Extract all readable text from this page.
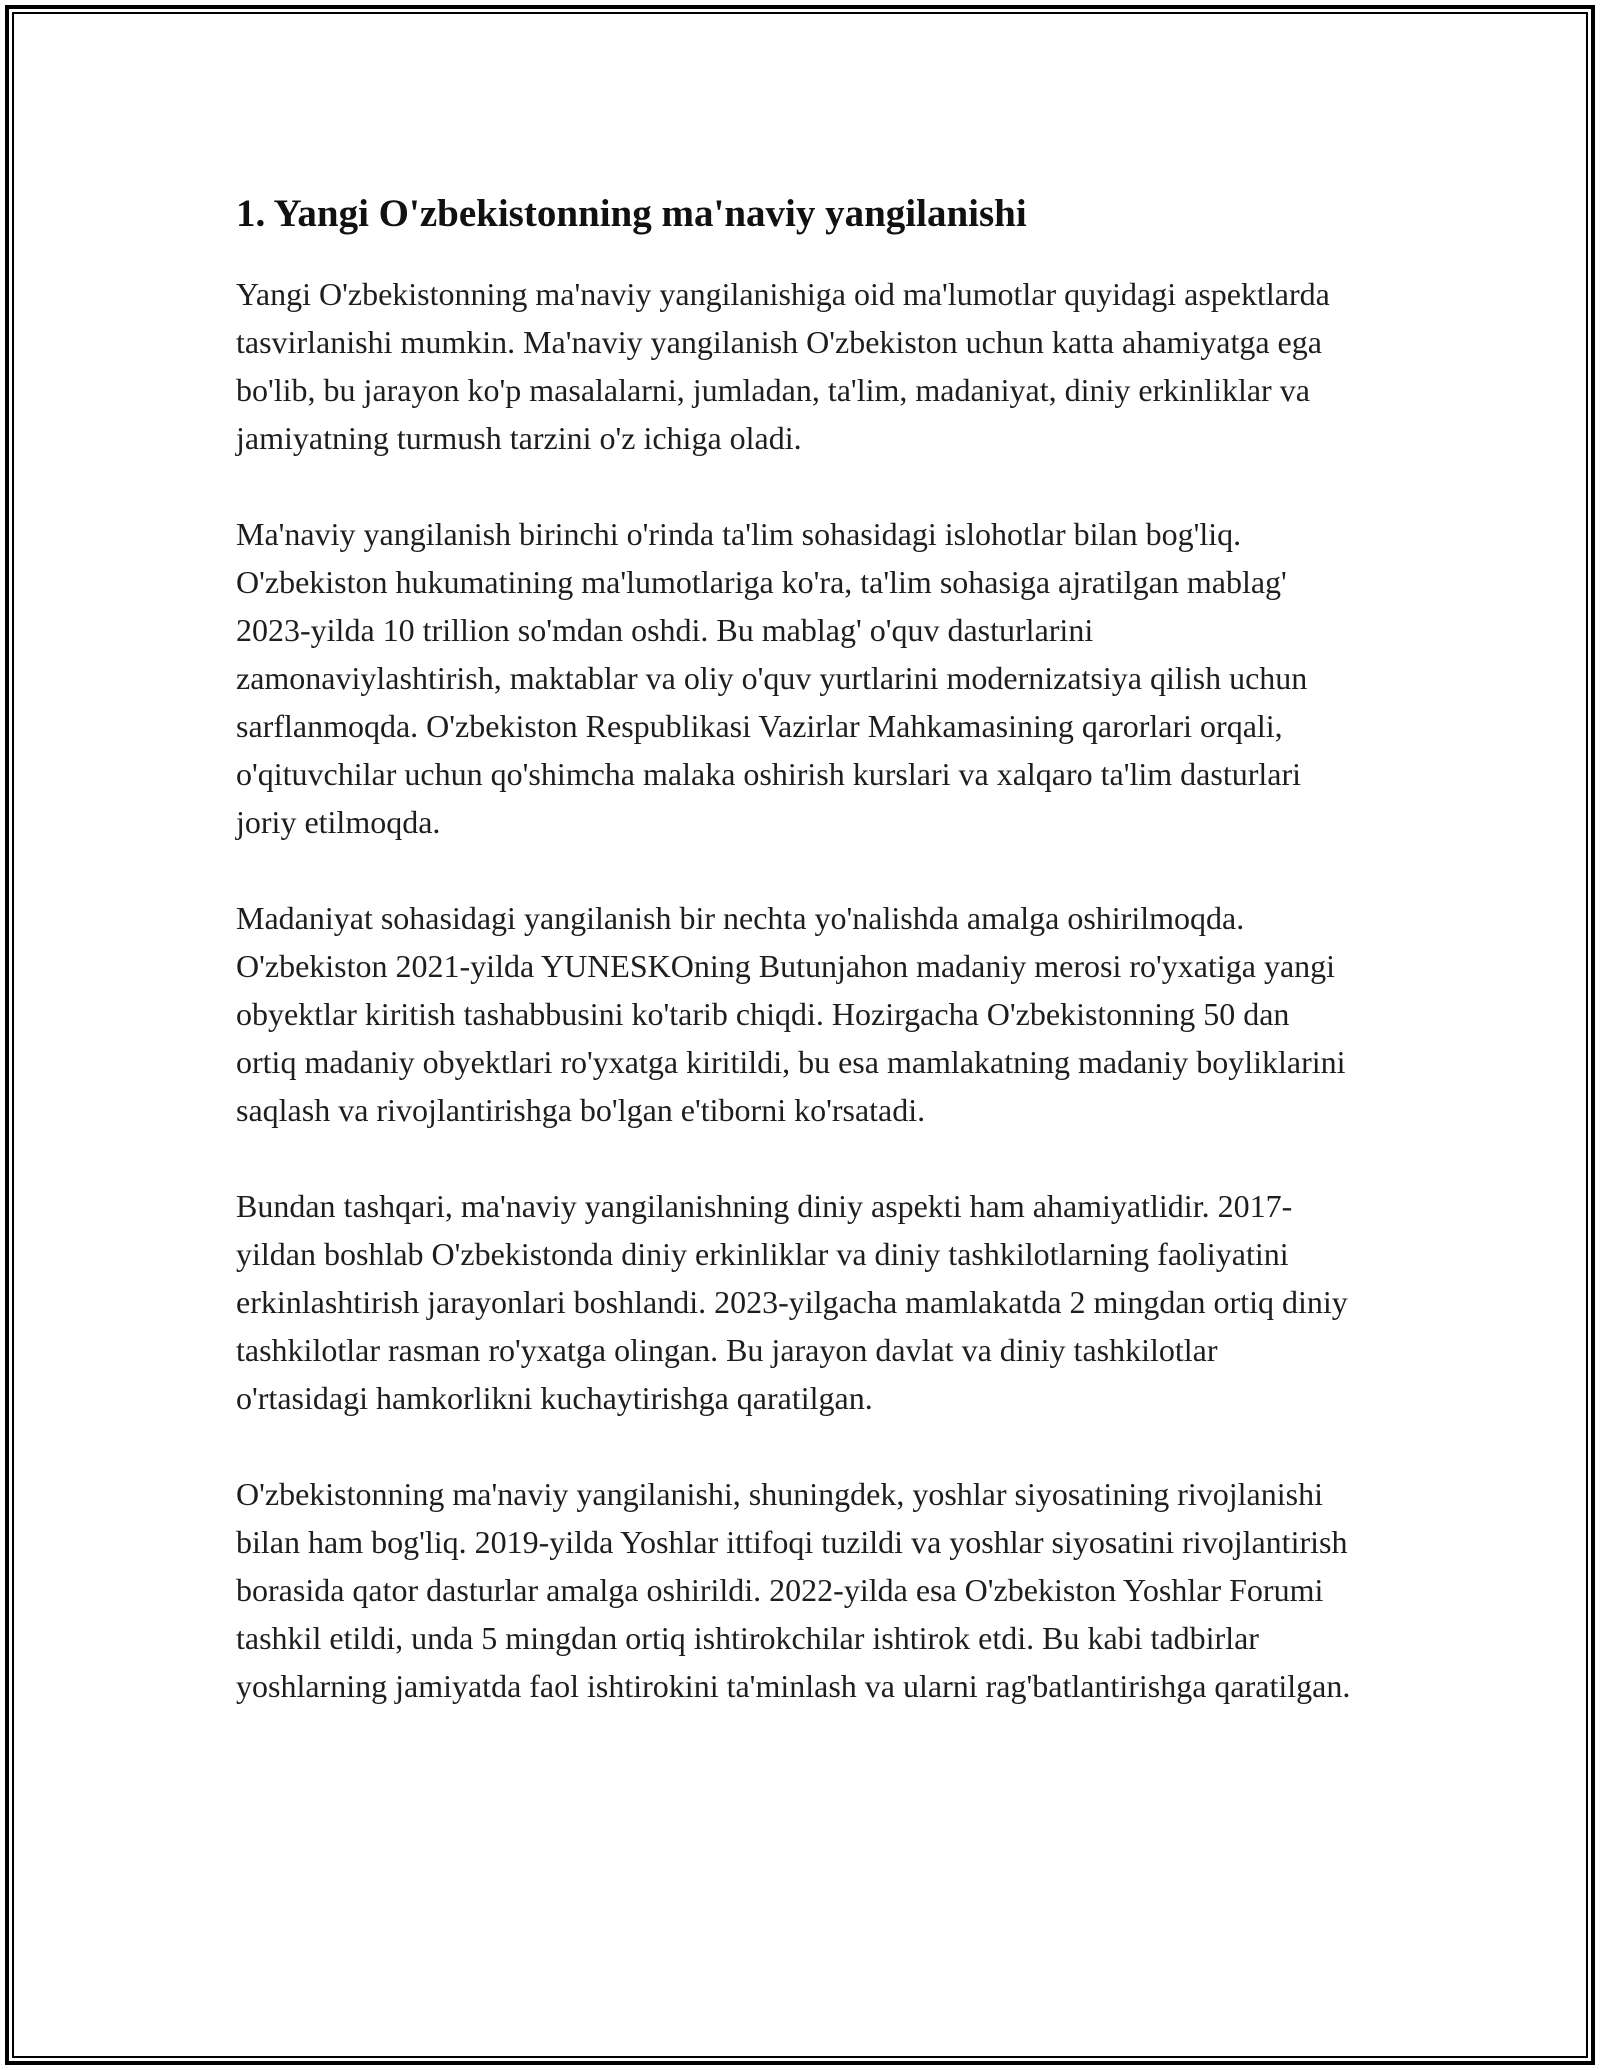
1. Yangi O'zbekistonning ma'naviy yangilanishi

Yangi O'zbekistonning ma'naviy yangilanishiga oid ma'lumotlar quyidagi aspektlarda tasvirlanishi mumkin. Ma'naviy yangilanish O'zbekiston uchun katta ahamiyatga ega bo'lib, bu jarayon ko'p masalalarni, jumladan, ta'lim, madaniyat, diniy erkinliklar va jamiyatning turmush tarzini o'z ichiga oladi.

Ma'naviy yangilanish birinchi o'rinda ta'lim sohasidagi islohotlar bilan bog'liq. O'zbekiston hukumatining ma'lumotlariga ko'ra, ta'lim sohasiga ajratilgan mablag' 2023-yilda 10 trillion so'mdan oshdi. Bu mablag' o'quv dasturlarini zamonaviylashtirish, maktablar va oliy o'quv yurtlarini modernizatsiya qilish uchun sarflanmoqda. O'zbekiston Respublikasi Vazirlar Mahkamasining qarorlari orqali, o'qituvchilar uchun qo'shimcha malaka oshirish kurslari va xalqaro ta'lim dasturlari joriy etilmoqda.

Madaniyat sohasidagi yangilanish bir nechta yo'nalishda amalga oshirilmoqda. O'zbekiston 2021-yilda YUNESKOning Butunjahon madaniy merosi ro'yxatiga yangi obyektlar kiritish tashabbusini ko'tarib chiqdi. Hozirgacha O'zbekistonning 50 dan ortiq madaniy obyektlari ro'yxatga kiritildi, bu esa mamlakatning madaniy boyliklarini saqlash va rivojlantirishga bo'lgan e'tiborni ko'rsatadi.

Bundan tashqari, ma'naviy yangilanishning diniy aspekti ham ahamiyatlidir. 2017-yildan boshlab O'zbekistonda diniy erkinliklar va diniy tashkilotlarning faoliyatini erkinlashtirish jarayonlari boshlandi. 2023-yilgacha mamlakatda 2 mingdan ortiq diniy tashkilotlar rasman ro'yxatga olingan. Bu jarayon davlat va diniy tashkilotlar o'rtasidagi hamkorlikni kuchaytirishga qaratilgan.

O'zbekistonning ma'naviy yangilanishi, shuningdek, yoshlar siyosatining rivojlanishi bilan ham bog'liq. 2019-yilda Yoshlar ittifoqi tuzildi va yoshlar siyosatini rivojlantirish borasida qator dasturlar amalga oshirildi. 2022-yilda esa O'zbekiston Yoshlar Forumi tashkil etildi, unda 5 mingdan ortiq ishtirokchilar ishtirok etdi. Bu kabi tadbirlar yoshlarning jamiyatda faol ishtirokini ta'minlash va ularni rag'batlantirishga qaratilgan.
